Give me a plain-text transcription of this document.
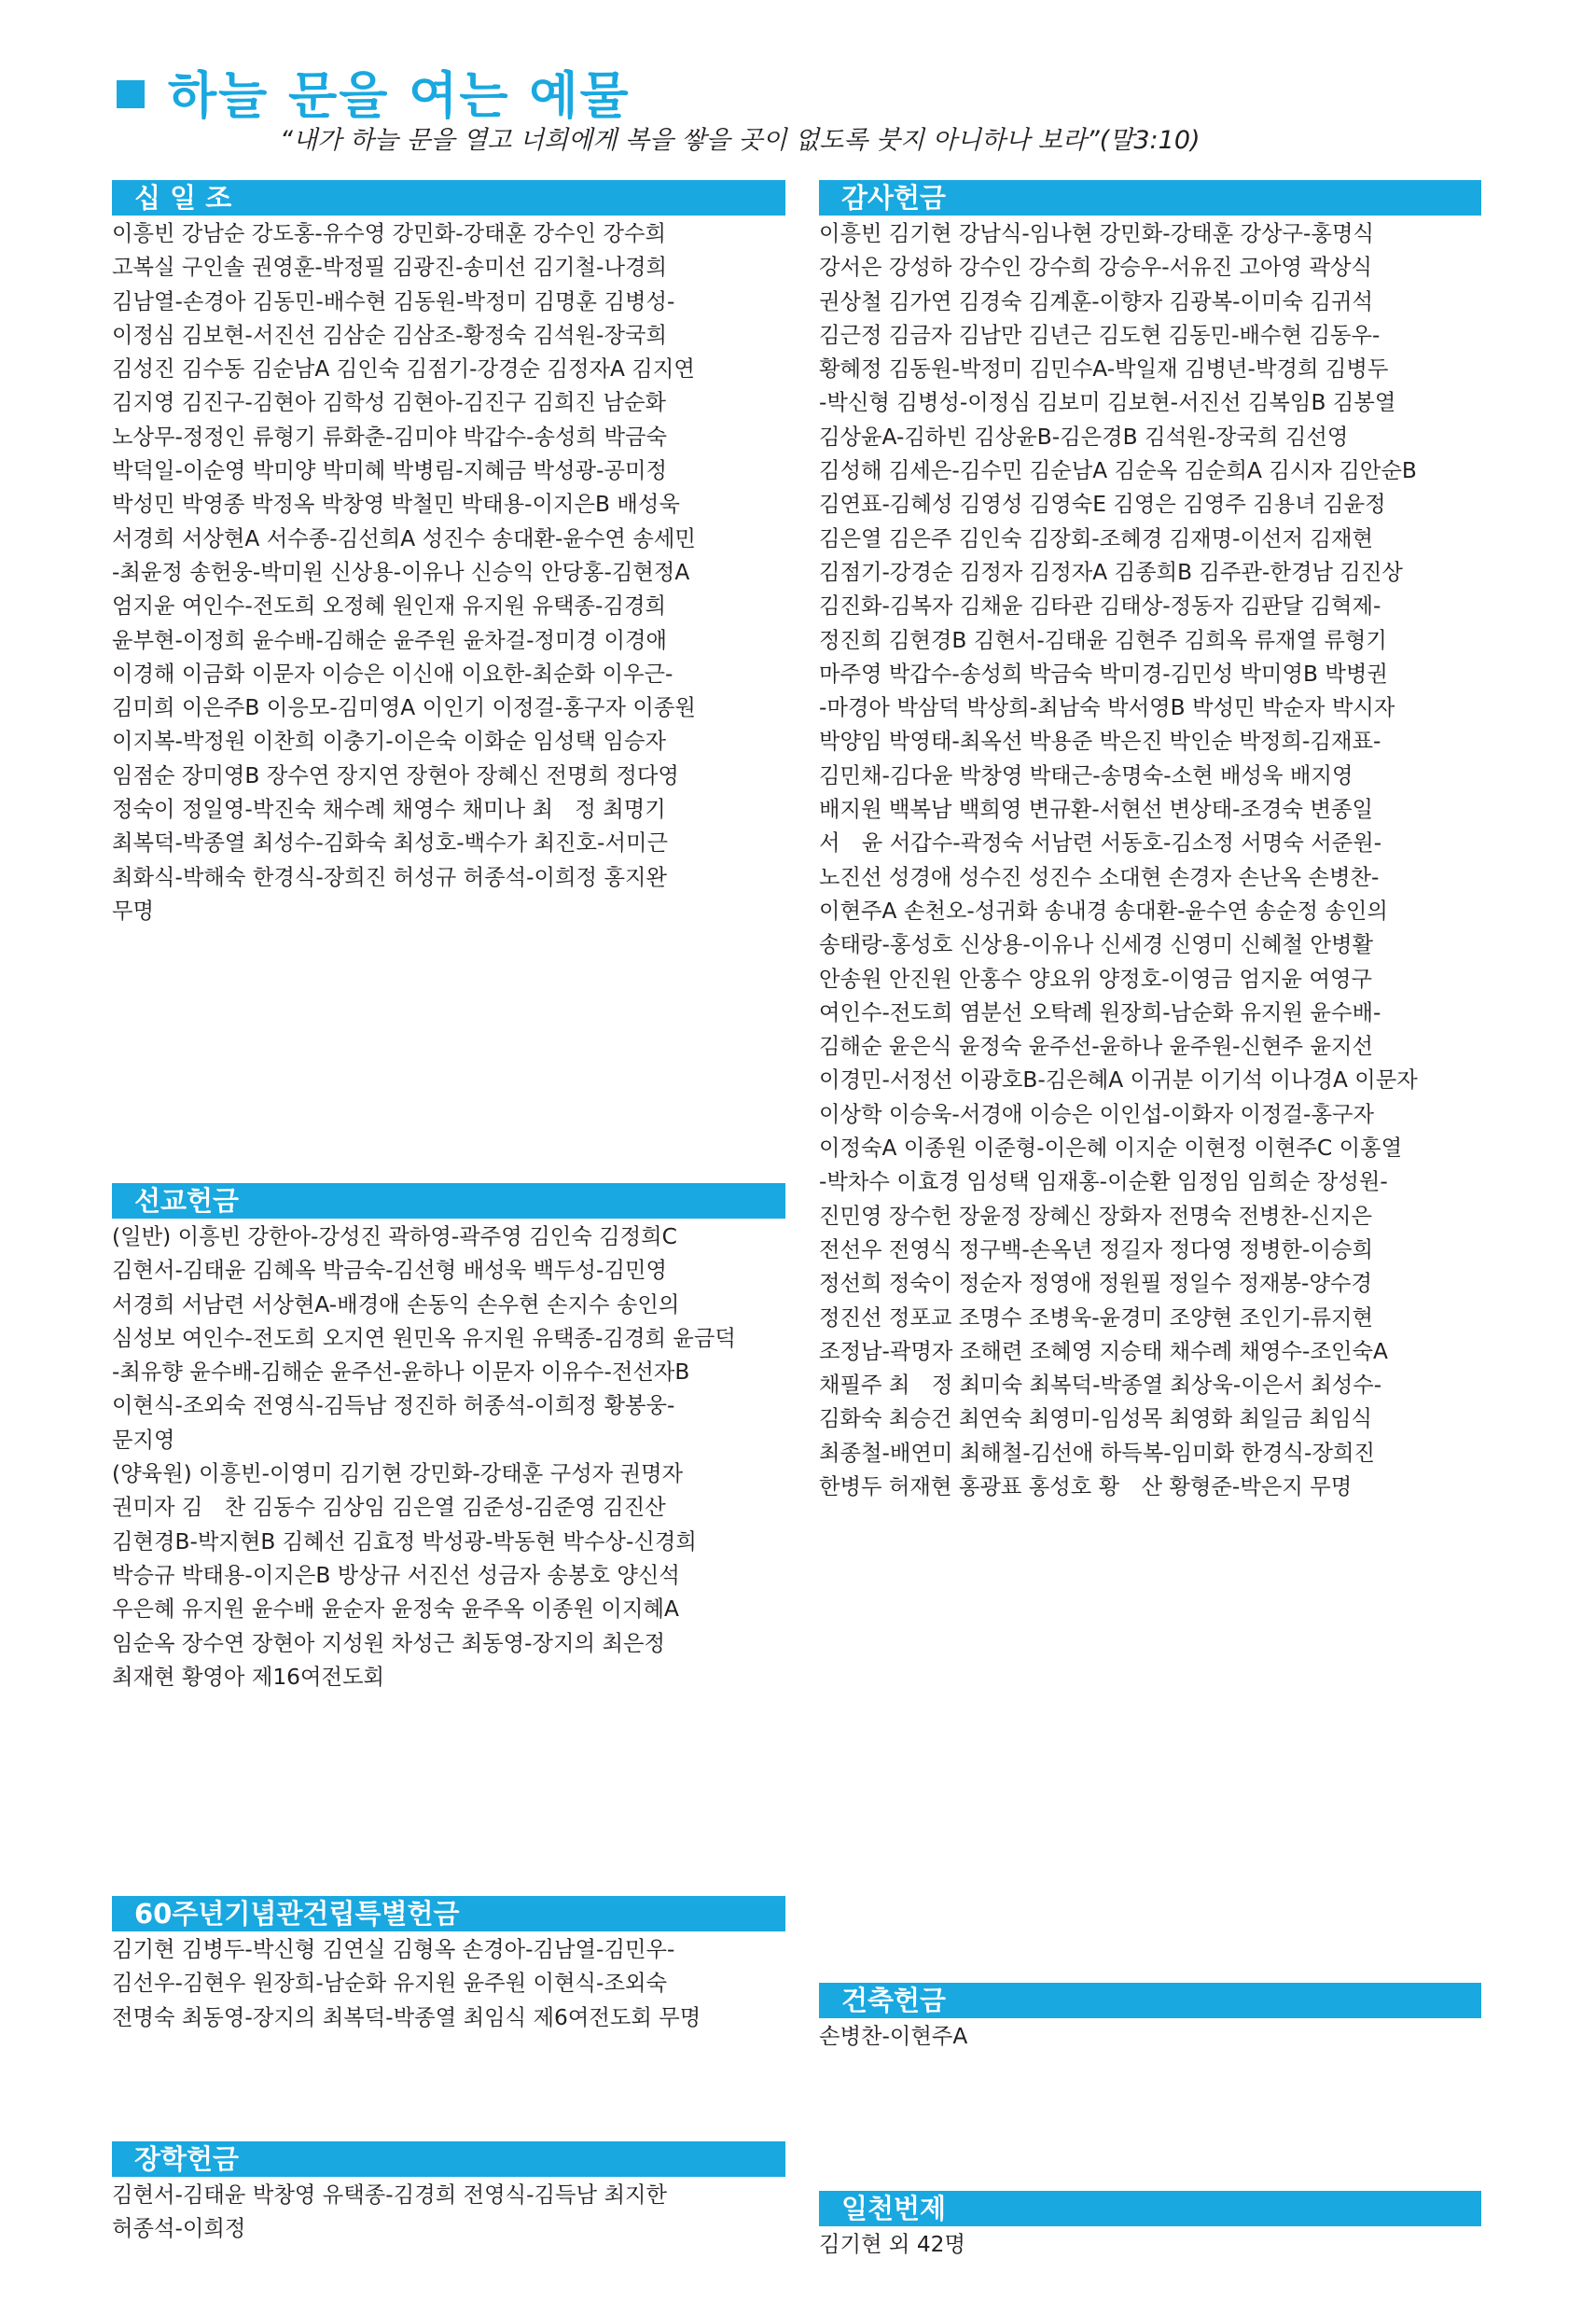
하늘 문을 여는 예물
“내가 하늘 문을 열고 너희에게 복을 쌓을 곳이 없도록 붓지 아니하나 보라”(말3:10)
십 일 조

이흥빈 강남순 강도홍-유수영 강민화-강태훈 강수인 강수희

고복실 구인솔 권영훈-박정필 김광진-송미선 김기철-나경희

김남열-손경아 김동민-배수현 김동원-박정미 김명훈 김병성-

이정심 김보현-서진선 김삼순 김삼조-황정숙 김석원-장국희

김성진 김수동 김순남A 김인숙 김점기-강경순 김정자A 김지연

김지영 김진구-김현아 김학성 김현아-김진구 김희진 남순화

노상무-정정인 류형기 류화춘-김미야 박갑수-송성희 박금숙

박덕일-이순영 박미양 박미혜 박병림-지혜금 박성광-공미정

박성민 박영종 박정옥 박창영 박철민 박태용-이지은B 배성욱

서경희 서상현A 서수종-김선희A 성진수 송대환-윤수연 송세민

-최윤정 송헌웅-박미원 신상용-이유나 신승익 안당홍-김현정A

엄지윤 여인수-전도희 오정혜 원인재 유지원 유택종-김경희

윤부현-이정희 윤수배-김해순 윤주원 윤차걸-정미경 이경애

이경해 이금화 이문자 이승은 이신애 이요한-최순화 이우근-

김미희 이은주B 이응모-김미영A 이인기 이정걸-홍구자 이종원

이지복-박정원 이찬희 이충기-이은숙 이화순 임성택 임승자

임점순 장미영B 장수연 장지연 장현아 장혜신 전명희 정다영

정숙이 정일영-박진숙 채수례 채영수 채미나 최　정 최명기

최복덕-박종열 최성수-김화숙 최성호-백수가 최진호-서미근

최화식-박해숙 한경식-장희진 허성규 허종석-이희정 홍지완

무명

선교헌금

(일반) 이흥빈 강한아-강성진 곽하영-곽주영 김인숙 김정희C

김현서-김태윤 김혜옥 박금숙-김선형 배성욱 백두성-김민영

서경희 서남련 서상현A-배경애 손동익 손우현 손지수 송인의

심성보 여인수-전도희 오지연 원민옥 유지원 유택종-김경희 윤금덕

-최유향 윤수배-김해순 윤주선-윤하나 이문자 이유수-전선자B

이현식-조외숙 전영식-김득남 정진하 허종석-이희정 황봉웅-

문지영

(양육원) 이흥빈-이영미 김기현 강민화-강태훈 구성자 권명자

권미자 김　찬 김동수 김상임 김은열 김준성-김준영 김진산

김현경B-박지현B 김혜선 김효정 박성광-박동현 박수상-신경희

박승규 박태용-이지은B 방상규 서진선 성금자 송봉호 양신석

우은혜 유지원 윤수배 윤순자 윤정숙 윤주옥 이종원 이지혜A

임순옥 장수연 장현아 지성원 차성근 최동영-장지의 최은정

최재현 황영아 제16여전도회

60주년기념관건립특별헌금

김기현 김병두-박신형 김연실 김형옥 손경아-김남열-김민우-

김선우-김현우 원장희-남순화 유지원 윤주원 이현식-조외숙

전명숙 최동영-장지의 최복덕-박종열 최임식 제6여전도회 무명

장학헌금

김현서-김태윤 박창영 유택종-김경희 전영식-김득남 최지한

허종석-이희정

감사헌금

이흥빈 김기현 강남식-임나현 강민화-강태훈 강상구-홍명식

강서은 강성하 강수인 강수희 강승우-서유진 고아영 곽상식

권상철 김가연 김경숙 김계훈-이향자 김광복-이미숙 김귀석

김근정 김금자 김남만 김년근 김도현 김동민-배수현 김동우-

황혜정 김동원-박정미 김민수A-박일재 김병년-박경희 김병두

-박신형 김병성-이정심 김보미 김보현-서진선 김복임B 김봉열

김상윤A-김하빈 김상윤B-김은경B 김석원-장국희 김선영

김성해 김세은-김수민 김순남A 김순옥 김순희A 김시자 김안순B

김연표-김혜성 김영성 김영숙E 김영은 김영주 김용녀 김윤정

김은열 김은주 김인숙 김장회-조혜경 김재명-이선저 김재현

김점기-강경순 김정자 김정자A 김종희B 김주관-한경남 김진상

김진화-김복자 김채윤 김타관 김태상-정동자 김판달 김혁제-

정진희 김현경B 김현서-김태윤 김현주 김희옥 류재열 류형기

마주영 박갑수-송성희 박금숙 박미경-김민성 박미영B 박병권

-마경아 박삼덕 박상희-최남숙 박서영B 박성민 박순자 박시자

박양임 박영태-최옥선 박용준 박은진 박인순 박정희-김재표-

김민채-김다윤 박창영 박태근-송명숙-소현 배성욱 배지영

배지원 백복남 백희영 변규환-서현선 변상태-조경숙 변종일

서　윤 서갑수-곽정숙 서남련 서동호-김소정 서명숙 서준원-

노진선 성경애 성수진 성진수 소대현 손경자 손난옥 손병찬-

이현주A 손천오-성귀화 송내경 송대환-윤수연 송순정 송인의

송태랑-홍성호 신상용-이유나 신세경 신영미 신혜철 안병활

안송원 안진원 안홍수 양요위 양정호-이영금 엄지윤 여영구

여인수-전도희 염분선 오탁례 원장희-남순화 유지원 윤수배-

김해순 윤은식 윤정숙 윤주선-윤하나 윤주원-신현주 윤지선

이경민-서정선 이광호B-김은혜A 이귀분 이기석 이나경A 이문자

이상학 이승욱-서경애 이승은 이인섭-이화자 이정걸-홍구자

이정숙A 이종원 이준형-이은혜 이지순 이현정 이현주C 이홍열

-박차수 이효경 임성택 임재홍-이순환 임정임 임희순 장성원-

진민영 장수헌 장윤정 장혜신 장화자 전명숙 전병찬-신지은

전선우 전영식 정구백-손옥년 정길자 정다영 정병한-이승희

정선희 정숙이 정순자 정영애 정원필 정일수 정재봉-양수경

정진선 정포교 조명수 조병욱-윤경미 조양현 조인기-류지현

조정남-곽명자 조해련 조혜영 지승태 채수례 채영수-조인숙A

채필주 최　정 최미숙 최복덕-박종열 최상욱-이은서 최성수-

김화숙 최승건 최연숙 최영미-임성목 최영화 최일금 최임식

최종철-배연미 최해철-김선애 하득복-임미화 한경식-장희진

한병두 허재현 홍광표 홍성호 황　산 황형준-박은지 무명

건축헌금

손병찬-이현주A

일천번제

김기현 외 42명
